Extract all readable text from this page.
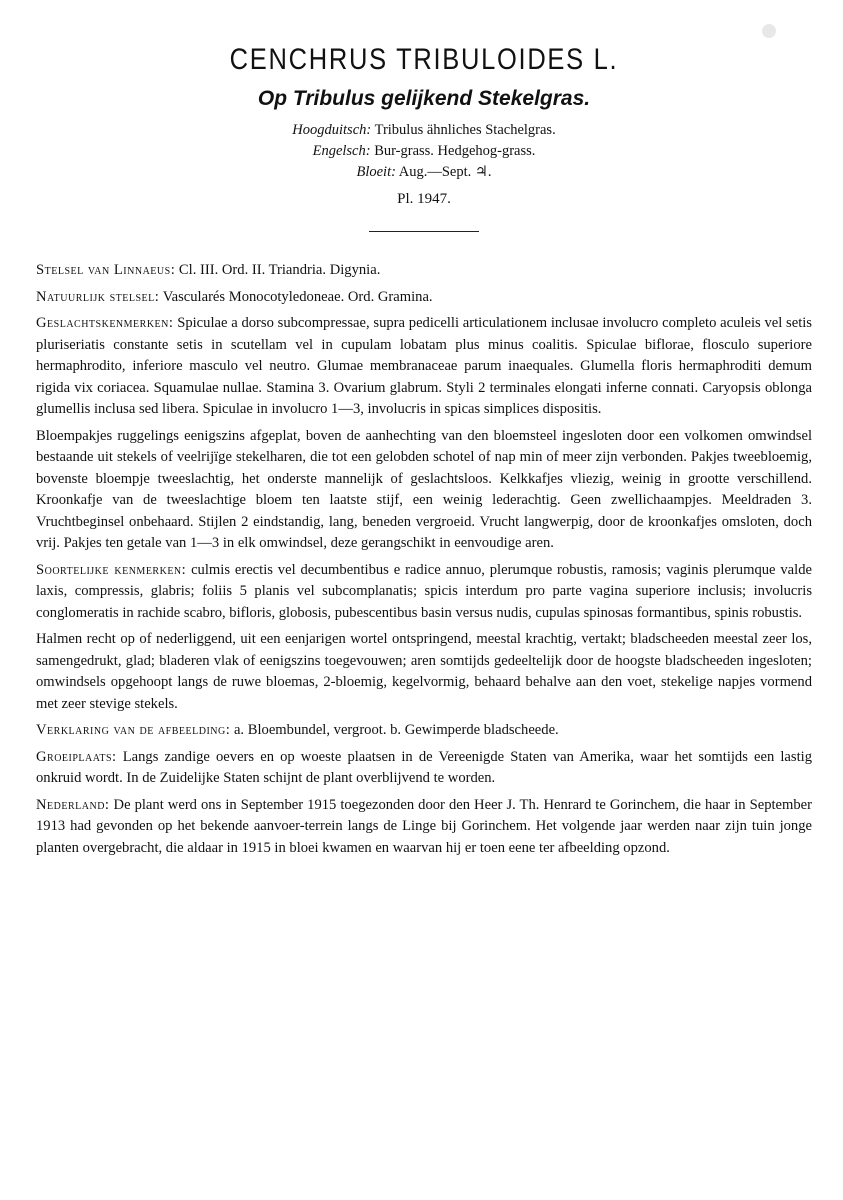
CENCHRUS TRIBULOIDES L.
Op Tribulus gelijkend Stekelgras.
Hoogduitsch: Tribulus ähnliches Stachelgras.
Engelsch: Bur-grass. Hedgehog-grass.
Bloeit: Aug.—Sept. ♃.
Pl. 1947.

Stelsel van Linnaeus: Cl. III. Ord. II. Triandria. Digynia.

Natuurlijk stelsel: Vascularés Monocotyledoneae. Ord. Gramina.

Geslachtskenmerken: Spiculae a dorso subcompressae, supra pedicelli articulationem inclusae involucro completo aculeis vel setis pluriseriatis constante setis in scutellam vel in cupulam lobatam plus minus coalitis. Spiculae biflorae, flosculo superiore hermaphrodito, inferiore masculo vel neutro. Glumae membranaceae parum inaequales. Glumella floris hermaphroditi demum rigida vix coriacea. Squamulae nullae. Stamina 3. Ovarium glabrum. Styli 2 terminales elongati inferne connati. Caryopsis oblonga glumellis inclusa sed libera. Spiculae in involucro 1—3, involucris in spicas simplices dispositis.

Bloempakjes ruggelings eenigszins afgeplat, boven de aanhechting van den bloemsteel ingesloten door een volkomen omwindsel bestaande uit stekels of veelrijïge stekelharen, die tot een gelobden schotel of nap min of meer zijn verbonden. Pakjes tweebloemig, bovenste bloempje tweeslachtig, het onderste mannelijk of geslachtsloos. Kelkkafjes vliezig, weinig in grootte verschillend. Kroonkafje van de tweeslachtige bloem ten laatste stijf, een weinig lederachtig. Geen zwellichaampjes. Meeldraden 3. Vruchtbeginsel onbehaard. Stijlen 2 eindstandig, lang, beneden vergroeid. Vrucht langwerpig, door de kroonkafjes omsloten, doch vrij. Pakjes ten getale van 1—3 in elk omwindsel, deze gerangschikt in eenvoudige aren.

Soortelijke kenmerken: culmis erectis vel decumbentibus e radice annuo, plerumque robustis, ramosis; vaginis plerumque valde laxis, compressis, glabris; foliis 5 planis vel subcomplanatis; spicis interdum pro parte vagina superiore inclusis; involucris conglomeratis in rachide scabro, bifloris, globosis, pubescentibus basin versus nudis, cupulas spinosas formantibus, spinis robustis.

Halmen recht op of nederliggend, uit een eenjarigen wortel ontspringend, meestal krachtig, vertakt; bladscheeden meestal zeer los, samengedrukt, glad; bladeren vlak of eenigszins toegevouwen; aren somtijds gedeeltelijk door de hoogste bladscheeden ingesloten; omwindsels opgehoopt langs de ruwe bloemas, 2-bloemig, kegelvormig, behaard behalve aan den voet, stekelige napjes vormend met zeer stevige stekels.

Verklaring van de afbeelding: a. Bloembundel, vergroot. b. Gewimperde bladscheede.

Groeiplaats: Langs zandige oevers en op woeste plaatsen in de Vereenigde Staten van Amerika, waar het somtijds een lastig onkruid wordt. In de Zuidelijke Staten schijnt de plant overblijvend te worden.

Nederland: De plant werd ons in September 1915 toegezonden door den Heer J. Th. Henrard te Gorinchem, die haar in September 1913 had gevonden op het bekende aanvoer-terrein langs de Linge bij Gorinchem. Het volgende jaar werden naar zijn tuin jonge planten overgebracht, die aldaar in 1915 in bloei kwamen en waarvan hij er toen eene ter afbeelding opzond.
